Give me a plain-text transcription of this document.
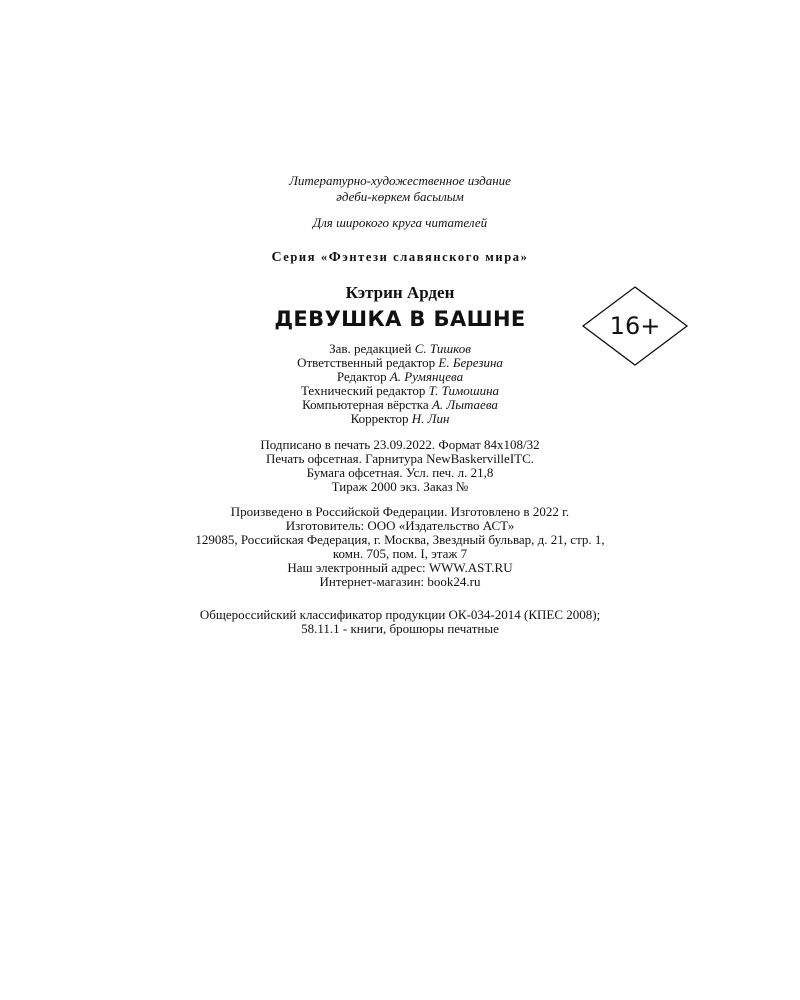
Литературно-художественное издание
әдеби-көркем басылым
Для широкого круга читателей
Серия «Фэнтези славянского мира»
Кэтрин Арден
ДЕВУШКА В БАШНЕ	16+
Зав. редакцией С. Тишков
Ответственный редактор Е. Березина
Редактор А. Румянцева
Технический редактор Т. Тимошина
Компьютерная вёрстка А. Лытаева
Корректор Н. Лин
Подписано в печать 23.09.2022. Формат 84x108/32
Печать офсетная. Гарнитура NewBaskervilleITC.
Бумага офсетная. Усл. печ. л. 21,8
Тираж 2000 экз. Заказ №
Произведено в Российской Федерации. Изготовлено в 2022 г.
Изготовитель: ООО «Издательство АСТ»
129085, Российская Федерация, г. Москва, Звездный бульвар, д. 21, стр. 1,
комн. 705, пом. I, этаж 7
Наш электронный адрес: WWW.AST.RU
Интернет-магазин: book24.ru
Общероссийский классификатор продукции ОК-034-2014 (КПЕС 2008);
58.11.1 - книги, брошюры печатные
